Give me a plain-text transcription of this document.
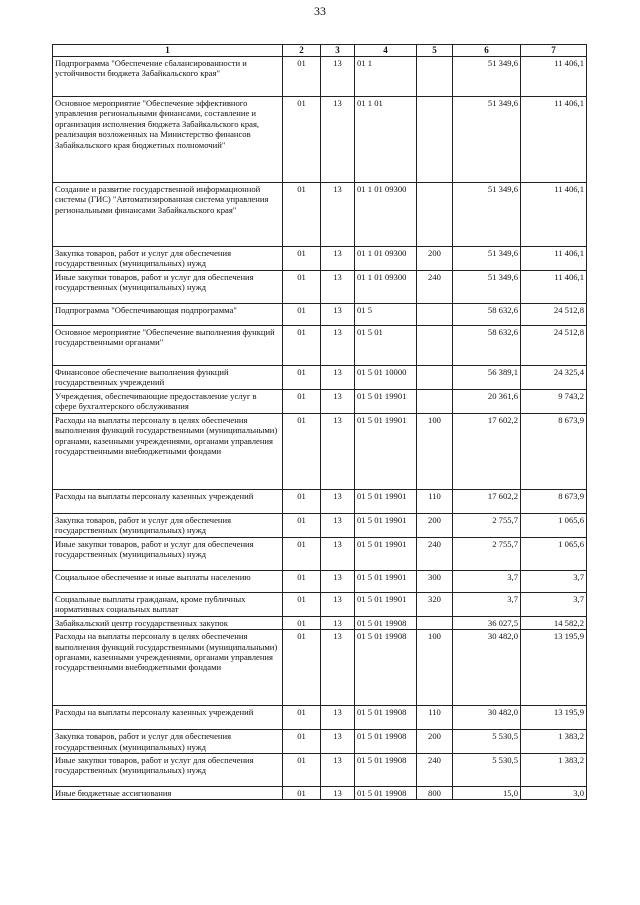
33
1	2	3	4	5	6	7
Подпрограмма "Обеспечение сбалансированности и устойчивости бюджета Забайкальского края"	01	13	01 1		51 349,6	11 406,1
Основное мероприятие "Обеспечение эффективного управления региональными финансами, составление и организация исполнения бюджета Забайкальского края, реализация возложенных на Министерство финансов Забайкальского края бюджетных полномочий"	01	13	01 1 01		51 349,6	11 406,1
Создание и развитие государственной информационной системы (ГИС) "Автоматизированная система управления региональными финансами Забайкальского края"	01	13	01 1 01 09300		51 349,6	11 406,1
Закупка товаров, работ и услуг для обеспечения государственных (муниципальных) нужд	01	13	01 1 01 09300	200	51 349,6	11 406,1
Иные закупки товаров, работ и услуг для обеспечения государственных (муниципальных) нужд	01	13	01 1 01 09300	240	51 349,6	11 406,1
Подпрограмма "Обеспечивающая подпрограмма"	01	13	01 5		58 632,6	24 512,8
Основное мероприятие "Обеспечение выполнения функций государственными органами"	01	13	01 5 01		58 632,6	24 512,8
Финансовое обеспечение выполнения функций государственных учреждений	01	13	01 5 01 10000		56 389,1	24 325,4
Учреждения, обеспечивающие предоставление услуг в сфере бухгалтерского обслуживания	01	13	01 5 01 19901		20 361,6	9 743,2
Расходы на выплаты персоналу в целях обеспечения выполнения функций государственными (муниципальными) органами, казенными учреждениями, органами управления государственными внебюджетными фондами	01	13	01 5 01 19901	100	17 602,2	8 673,9
Расходы на выплаты персоналу казенных учреждений	01	13	01 5 01 19901	110	17 602,2	8 673,9
Закупка товаров, работ и услуг для обеспечения государственных (муниципальных) нужд	01	13	01 5 01 19901	200	2 755,7	1 065,6
Иные закупки товаров, работ и услуг для обеспечения государственных (муниципальных) нужд	01	13	01 5 01 19901	240	2 755,7	1 065,6
Социальное обеспечение и иные выплаты населению	01	13	01 5 01 19901	300	3,7	3,7
Социальные выплаты гражданам, кроме публичных нормативных социальных выплат	01	13	01 5 01 19901	320	3,7	3,7
Забайкальский центр государственных закупок	01	13	01 5 01 19908		36 027,5	14 582,2
Расходы на выплаты персоналу в целях обеспечения выполнения функций государственными (муниципальными) органами, казенными учреждениями, органами управления государственными внебюджетными фондами	01	13	01 5 01 19908	100	30 482,0	13 195,9
Расходы на выплаты персоналу казенных учреждений	01	13	01 5 01 19908	110	30 482,0	13 195,9
Закупка товаров, работ и услуг для обеспечения государственных (муниципальных) нужд	01	13	01 5 01 19908	200	5 530,5	1 383,2
Иные закупки товаров, работ и услуг для обеспечения государственных (муниципальных) нужд	01	13	01 5 01 19908	240	5 530,5	1 383,2
Иные бюджетные ассигнования	01	13	01 5 01 19908	800	15,0	3,0
